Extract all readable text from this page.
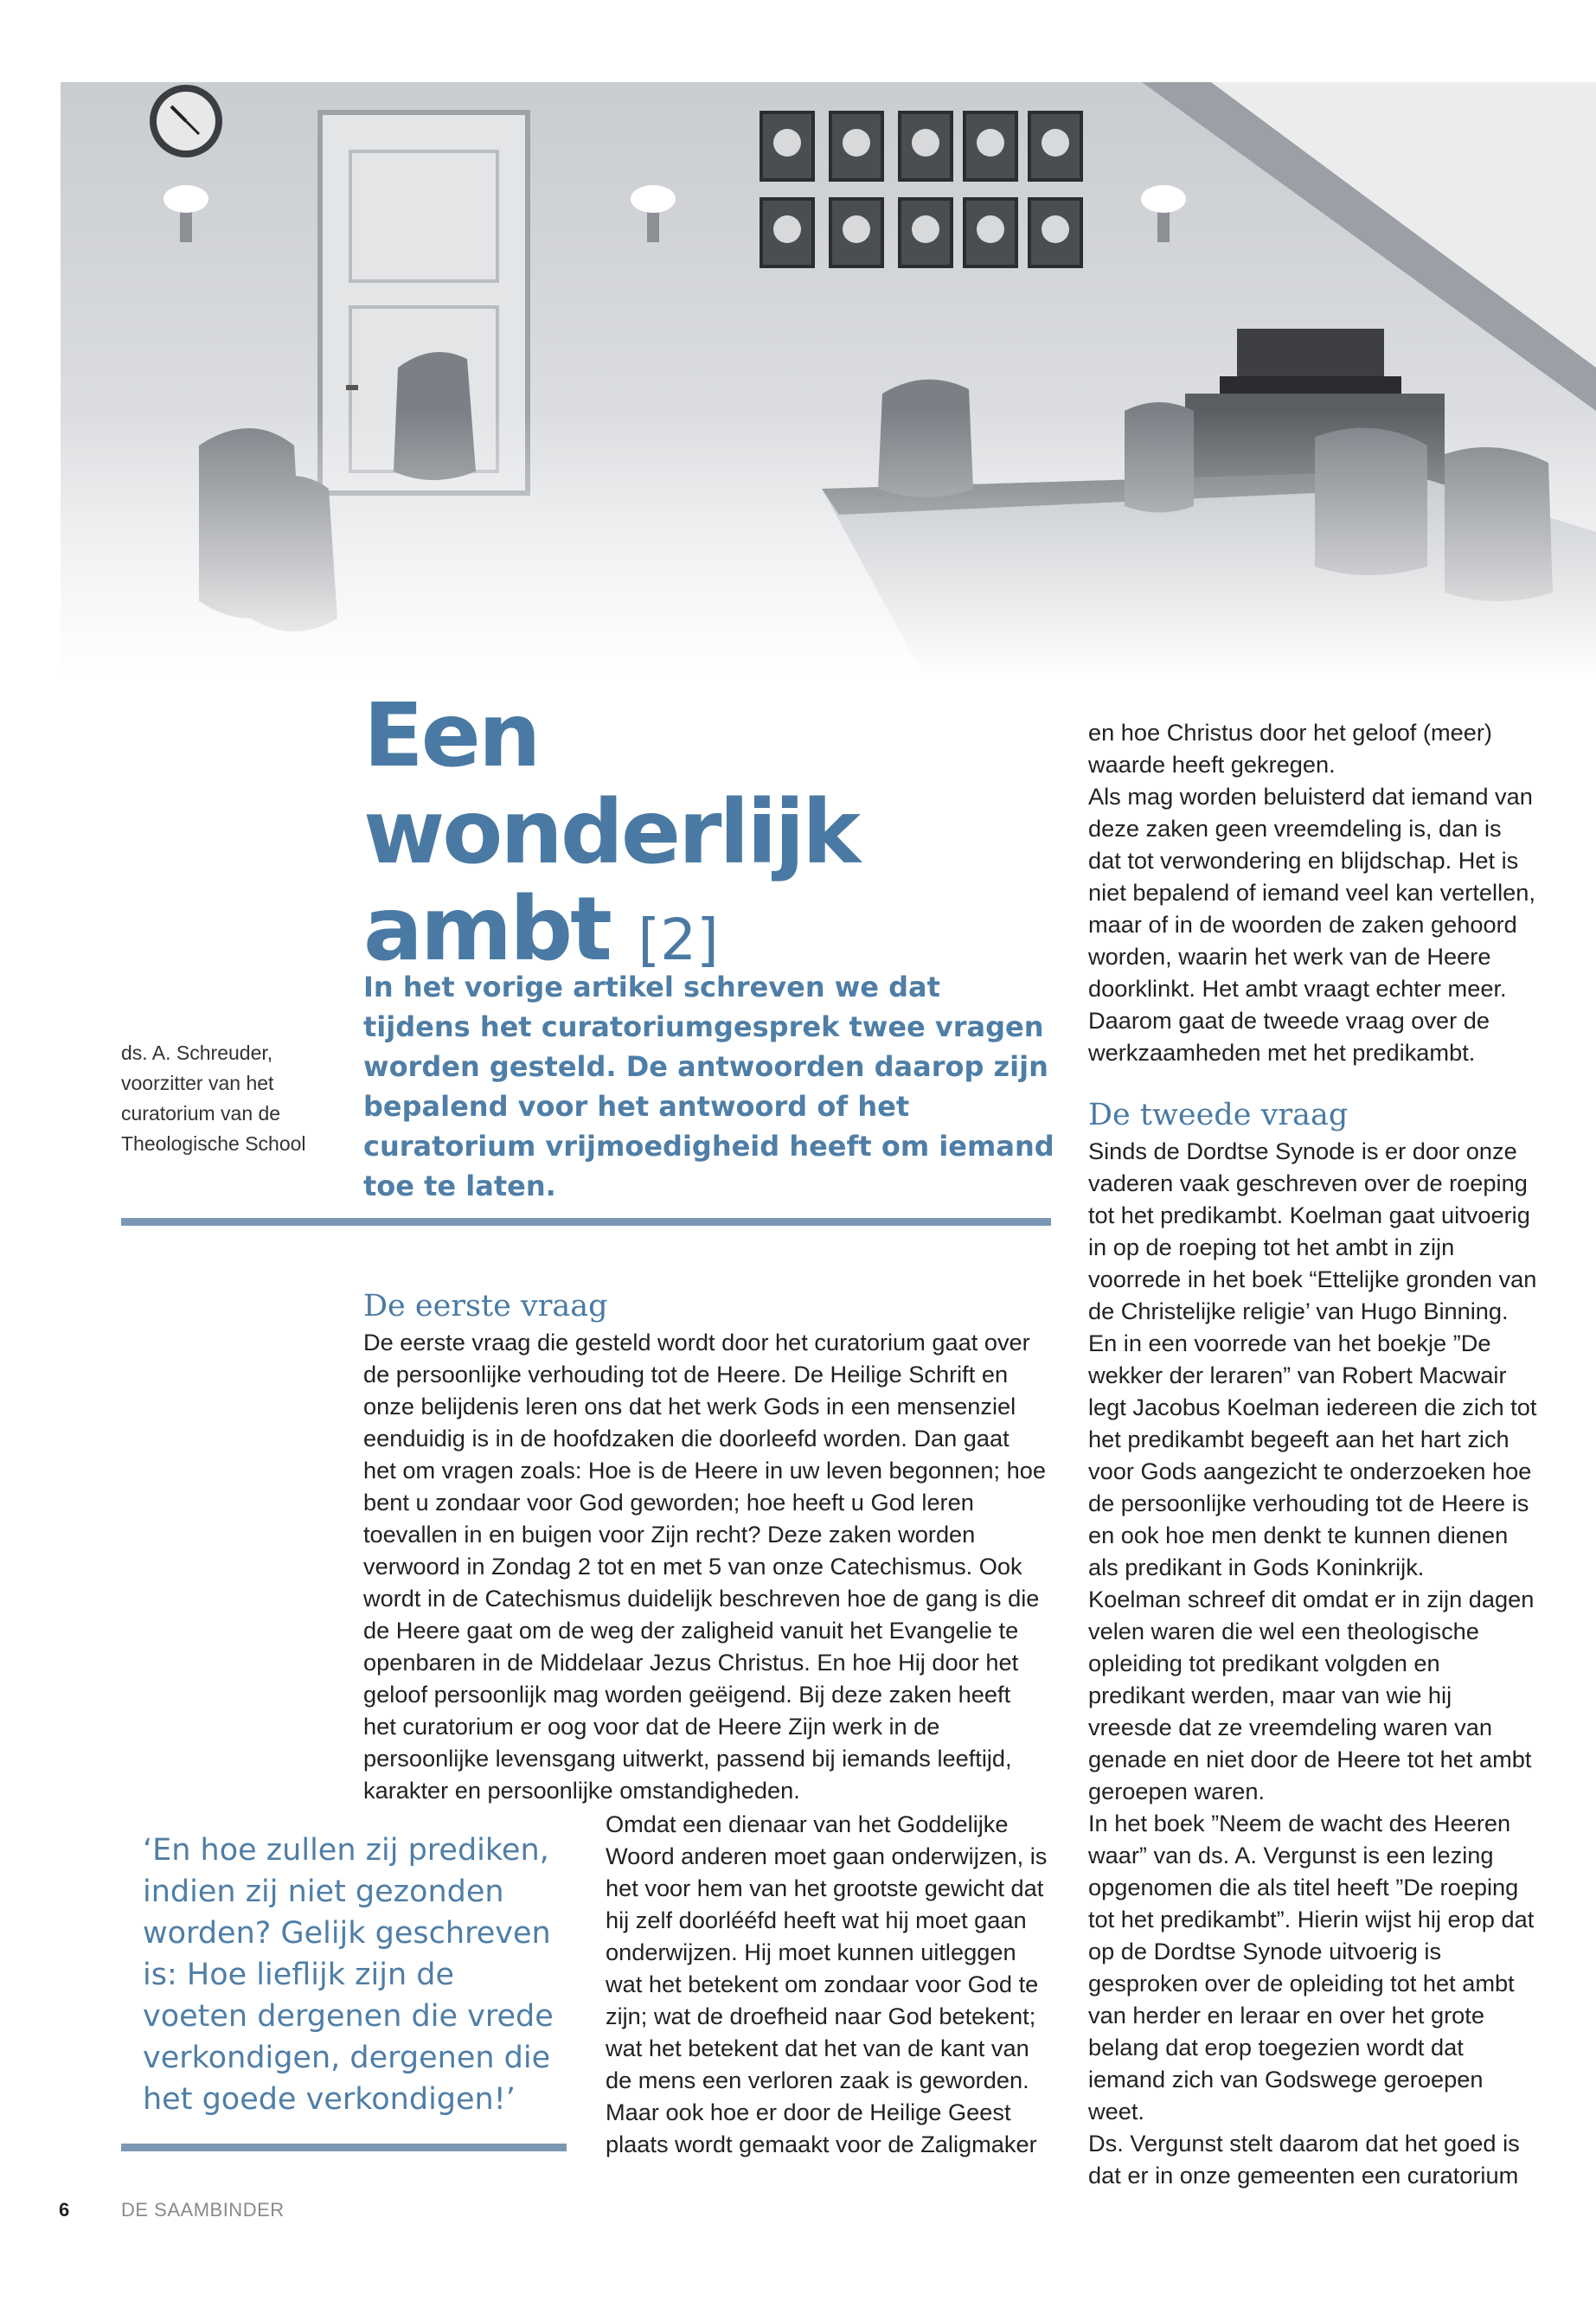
Een wonderlijk ambt [2]
ds. A. Schreuder, voorzitter van het curatorium van de Theologische School
In het vorige artikel schreven we dat tijdens het curatoriumgesprek twee vragen worden gesteld. De antwoorden daarop zijn bepalend voor het antwoord of het curatorium vrijmoedigheid heeft om iemand toe te laten.
De eerste vraag
De eerste vraag die gesteld wordt door het curatorium gaat over de persoonlijke verhouding tot de Heere. De Heilige Schrift en onze belijdenis leren ons dat het werk Gods in een mensenziel eenduidig is in de hoofdzaken die doorleefd worden. Dan gaat het om vragen zoals: Hoe is de Heere in uw leven begonnen; hoe bent u zondaar voor God geworden; hoe heeft u God leren toevallen in en buigen voor Zijn recht? Deze zaken worden verwoord in Zondag 2 tot en met 5 van onze Catechismus. Ook wordt in de Catechismus duidelijk beschreven hoe de gang is die de Heere gaat om de weg der zaligheid vanuit het Evangelie te openbaren in de Middelaar Jezus Christus. En hoe Hij door het geloof persoonlijk mag worden geëigend. Bij deze zaken heeft het curatorium er oog voor dat de Heere Zijn werk in de persoonlijke levensgang uitwerkt, passend bij iemands leeftijd, karakter en persoonlijke omstandigheden.
Omdat een dienaar van het Goddelijke Woord anderen moet gaan onderwijzen, is het voor hem van het grootste gewicht dat hij zelf doorlééfd heeft wat hij moet gaan onderwijzen. Hij moet kunnen uitleggen wat het betekent om zondaar voor God te zijn; wat de droefheid naar God betekent; wat het betekent dat het van de kant van de mens een verloren zaak is geworden. Maar ook hoe er door de Heilige Geest plaats wordt gemaakt voor de Zaligmaker
‘En hoe zullen zij prediken, indien zij niet gezonden worden? Gelijk geschreven is: Hoe lieflijk zijn de voeten dergenen die vrede verkondigen, dergenen die het goede verkondigen!’

en hoe Christus door het geloof (meer) waarde heeft gekregen.

Als mag worden beluisterd dat iemand van deze zaken geen vreemdeling is, dan is dat tot verwondering en blijdschap. Het is niet bepalend of iemand veel kan vertellen, maar of in de woorden de zaken gehoord worden, waarin het werk van de Heere doorklinkt. Het ambt vraagt echter meer. Daarom gaat de tweede vraag over de werkzaamheden met het predikambt.

De tweede vraag

Sinds de Dordtse Synode is er door onze vaderen vaak geschreven over de roeping tot het predikambt. Koelman gaat uitvoerig in op de roeping tot het ambt in zijn voorrede in het boek “Ettelijke gronden van de Christelijke religie’ van Hugo Binning. En in een voorrede van het boekje ”De wekker der leraren” van Robert Macwair legt Jacobus Koelman iedereen die zich tot het predikambt begeeft aan het hart zich voor Gods aangezicht te onderzoeken hoe de persoonlijke verhouding tot de Heere is en ook hoe men denkt te kunnen dienen als predikant in Gods Koninkrijk.

Koelman schreef dit omdat er in zijn dagen velen waren die wel een theologische opleiding tot predikant volgden en predikant werden, maar van wie hij vreesde dat ze vreemdeling waren van genade en niet door de Heere tot het ambt geroepen waren.

In het boek ”Neem de wacht des Heeren waar” van ds. A. Vergunst is een lezing opgenomen die als titel heeft ”De roeping tot het predikambt”. Hierin wijst hij erop dat op de Dordtse Synode uitvoerig is gesproken over de opleiding tot het ambt van herder en leraar en over het grote belang dat erop toegezien wordt dat iemand zich van Godswege geroepen weet.

Ds. Vergunst stelt daarom dat het goed is dat er in onze gemeenten een curatorium

6	DE SAAMBINDER
